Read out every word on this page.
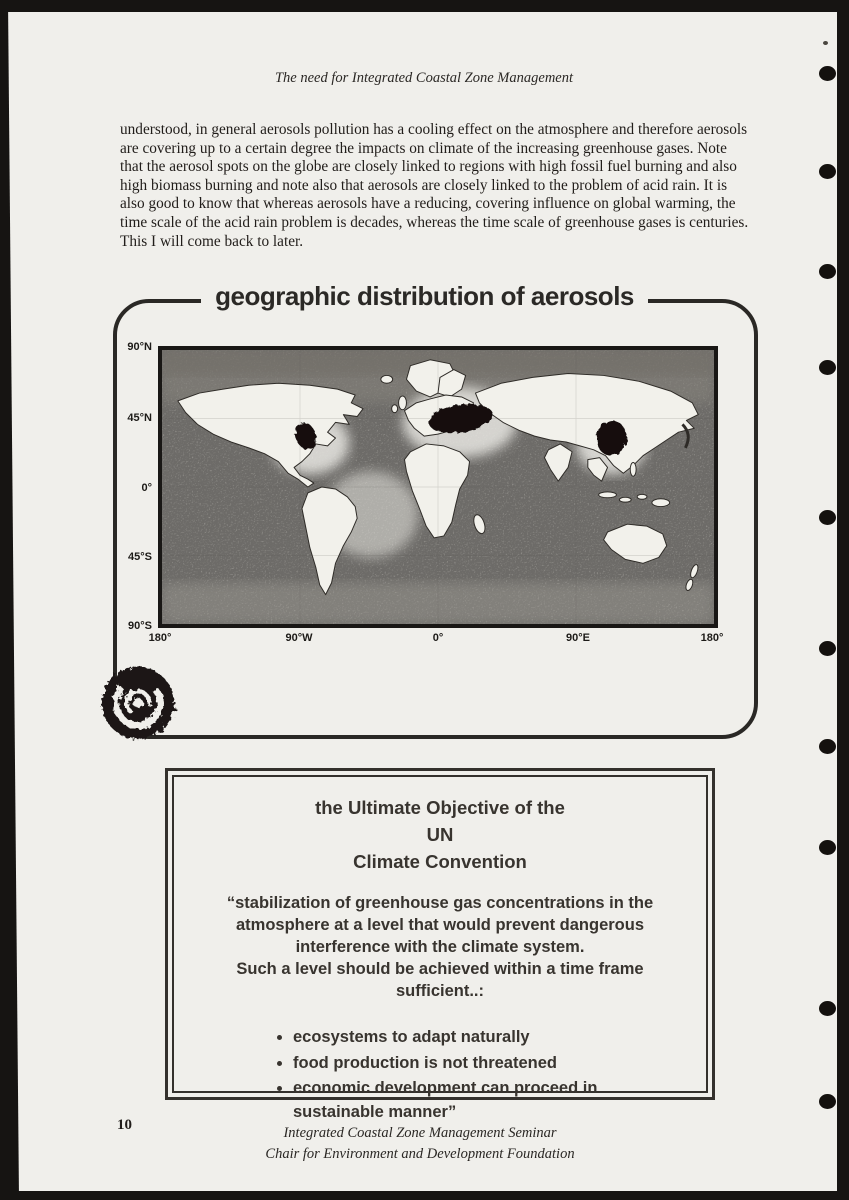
The need for Integrated Coastal Zone Management
understood, in general aerosols pollution has a cooling effect on the atmosphere and therefore aerosols are covering up to a certain degree the impacts on climate of the increasing greenhouse gases. Note that the aerosol spots on the globe are closely linked to regions with high fossil fuel burning and also high biomass burning and note also that aerosols are closely linked to the problem of acid rain. It is also good to know that whereas aerosols have a reducing, covering influence on global warming, the time scale of the acid rain problem is decades, whereas the time scale of greenhouse gases is centuries. This I will come back to later.
geographic distribution of aerosols
90°N
45°N
0°
45°S
90°S
180°	90°W	0°	90°E	180°
the Ultimate Objective of the
UN
Climate Convention
“stabilization of greenhouse gas concentrations in the atmosphere at a level that would prevent dangerous interference with the climate system.
Such a level should be achieved within a time frame sufficient..:
• ecosystems to adapt naturally
• food production is not threatened
• economic development can proceed in sustainable manner”
10	Integrated Coastal Zone Management Seminar
Chair for Environment and Development Foundation
